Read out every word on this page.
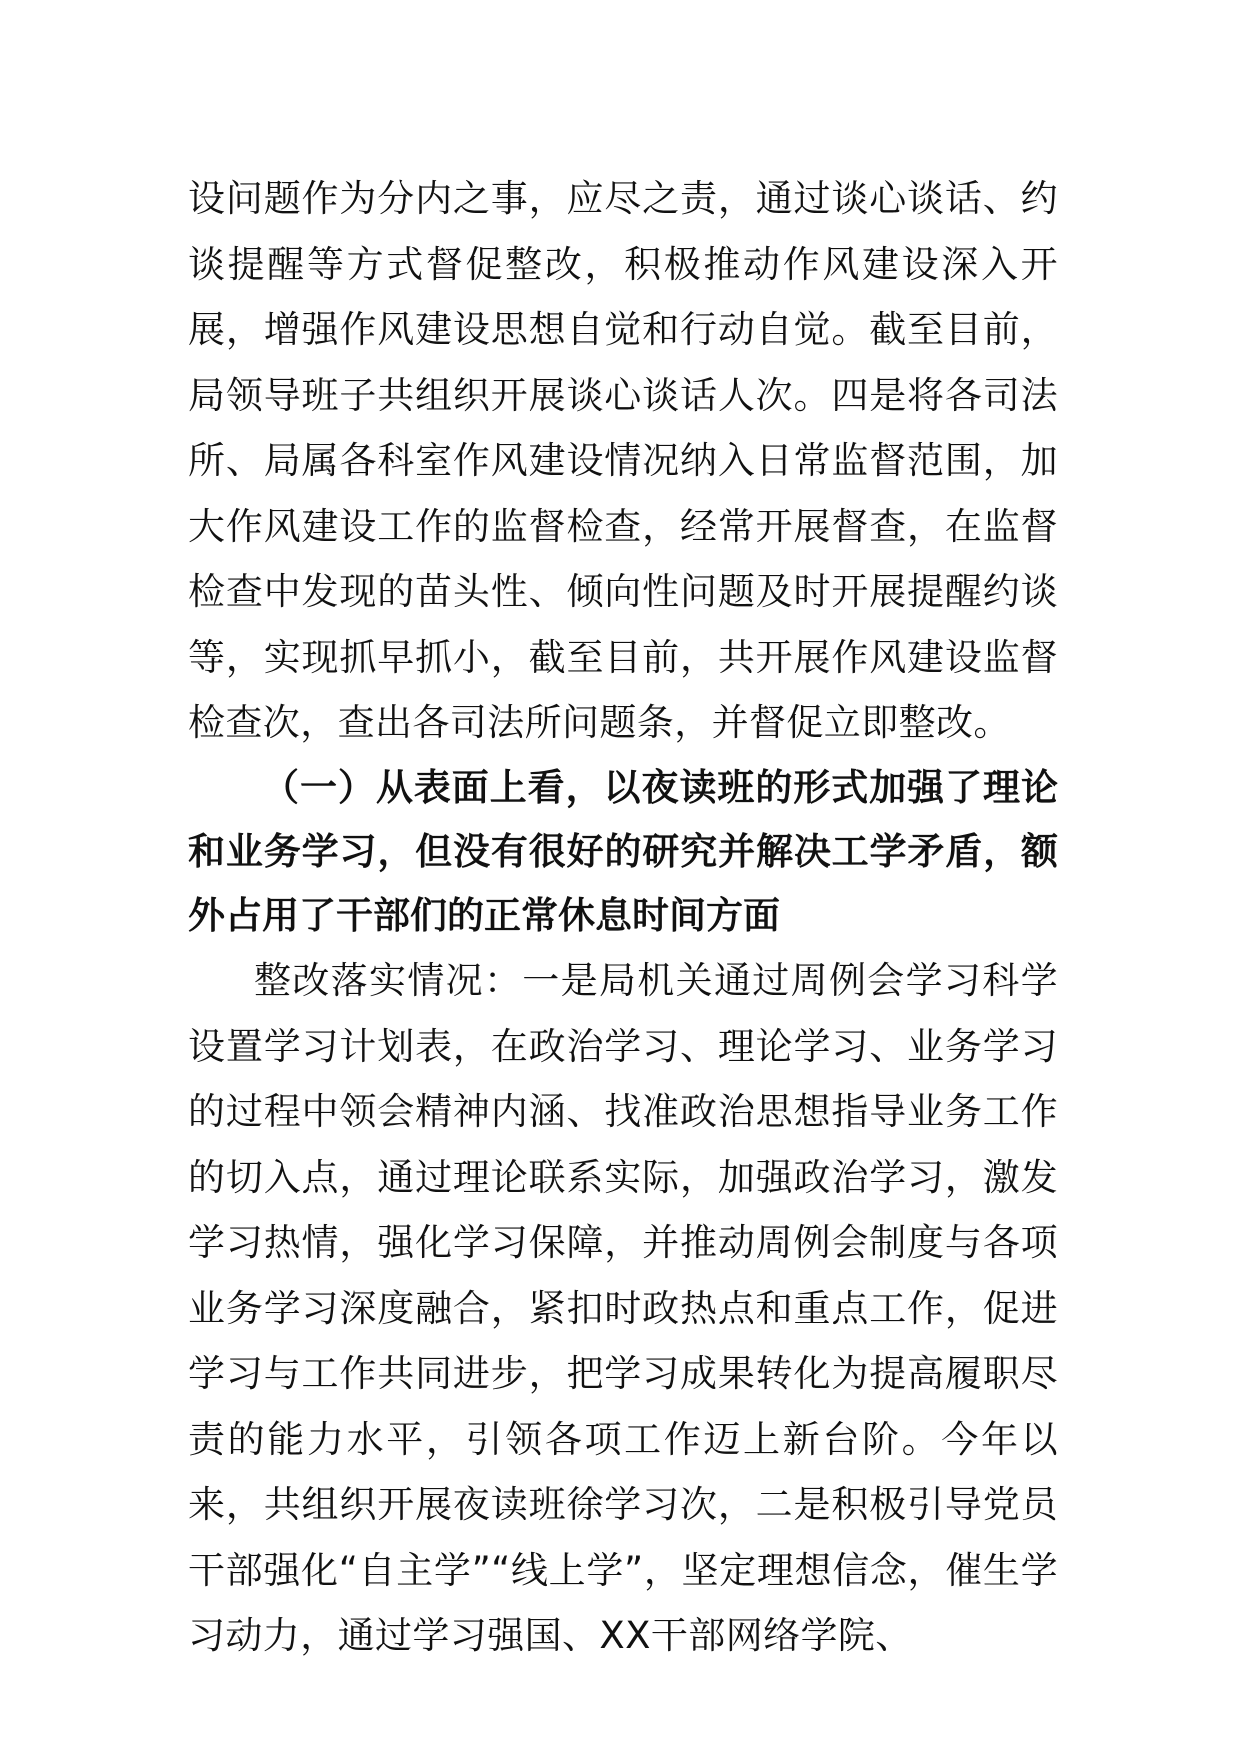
设问题作为分内之事，应尽之责，通过谈心谈话、约谈提醒等方式督促整改，积极推动作风建设深入开展，增强作风建设思想自觉和行动自觉。截至目前，局领导班子共组织开展谈心谈话人次。四是将各司法所、局属各科室作风建设情况纳入日常监督范围，加大作风建设工作的监督检查，经常开展督查，在监督检查中发现的苗头性、倾向性问题及时开展提醒约谈等，实现抓早抓小，截至目前，共开展作风建设监督检查次，查出各司法所问题条，并督促立即整改。

（一）从表面上看，以夜读班的形式加强了理论和业务学习，但没有很好的研究并解决工学矛盾，额外占用了干部们的正常休息时间方面

整改落实情况：一是局机关通过周例会学习科学设置学习计划表，在政治学习、理论学习、业务学习的过程中领会精神内涵、找准政治思想指导业务工作的切入点，通过理论联系实际，加强政治学习，激发学习热情，强化学习保障，并推动周例会制度与各项业务学习深度融合，紧扣时政热点和重点工作，促进学习与工作共同进步，把学习成果转化为提高履职尽责的能力水平，引领各项工作迈上新台阶。今年以来，共组织开展夜读班徐学习次，二是积极引导党员干部强化“自主学”“线上学”，坚定理想信念，催生学习动力，通过学习强国、XX干部网络学院、
